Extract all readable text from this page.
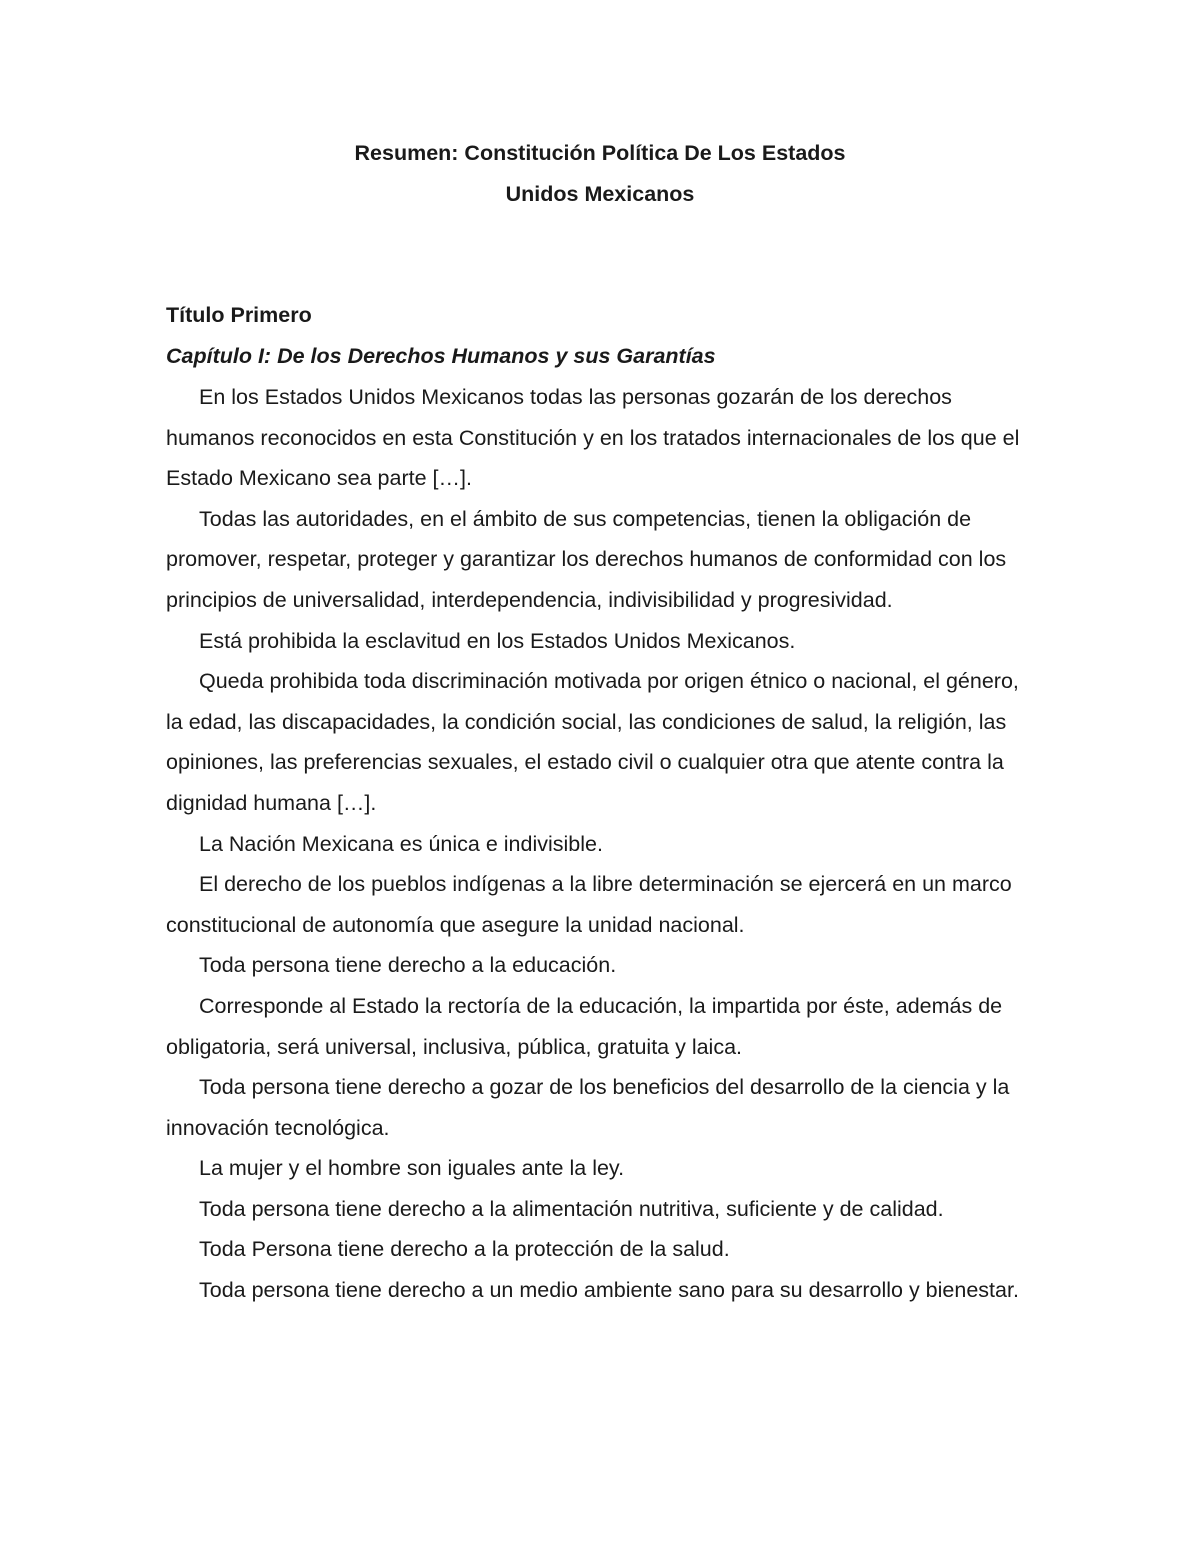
Resumen: Constitución Política De Los Estados
Unidos Mexicanos
Título Primero
Capítulo I: De los Derechos Humanos y sus Garantías

En los Estados Unidos Mexicanos todas las personas gozarán de los derechos humanos reconocidos en esta Constitución y en los tratados internacionales de los que el Estado Mexicano sea parte […].

Todas las autoridades, en el ámbito de sus competencias, tienen la obligación de promover, respetar, proteger y garantizar los derechos humanos de conformidad con los principios de universalidad, interdependencia, indivisibilidad y progresividad.

Está prohibida la esclavitud en los Estados Unidos Mexicanos.

Queda prohibida toda discriminación motivada por origen étnico o nacional, el género, la edad, las discapacidades, la condición social, las condiciones de salud, la religión, las opiniones, las preferencias sexuales, el estado civil o cualquier otra que atente contra la dignidad humana […].

La Nación Mexicana es única e indivisible.

El derecho de los pueblos indígenas a la libre determinación se ejercerá en un marco constitucional de autonomía que asegure la unidad nacional.

Toda persona tiene derecho a la educación.

Corresponde al Estado la rectoría de la educación, la impartida por éste, además de obligatoria, será universal, inclusiva, pública, gratuita y laica.

Toda persona tiene derecho a gozar de los beneficios del desarrollo de la ciencia y la innovación tecnológica.

La mujer y el hombre son iguales ante la ley.

Toda persona tiene derecho a la alimentación nutritiva, suficiente y de calidad.

Toda Persona tiene derecho a la protección de la salud.

Toda persona tiene derecho a un medio ambiente sano para su desarrollo y bienestar.
